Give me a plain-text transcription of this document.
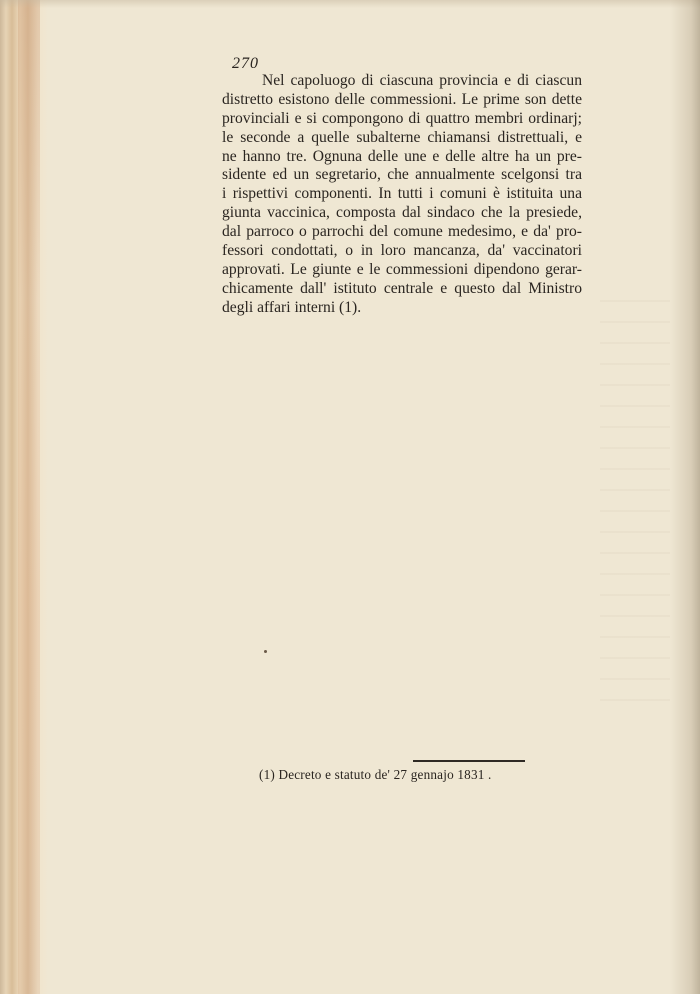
270
Nel capoluogo di ciascuna provincia e di ciascun
distretto esistono delle commessioni. Le prime son dette
provinciali e si compongono di quattro membri ordinarj;
le seconde a quelle subalterne chiamansi distrettuali, e
ne hanno tre. Ognuna delle une e delle altre ha un pre-
sidente ed un segretario, che annualmente scelgonsi tra
i rispettivi componenti. In tutti i comuni è istituita una
giunta vaccinica, composta dal sindaco che la presiede,
dal parroco o parrochi del comune medesimo, e da' pro-
fessori condottati, o in loro mancanza, da' vaccinatori
approvati. Le giunte e le commessioni dipendono gerar-
chicamente dall' istituto centrale e questo dal Ministro
degli affari interni (1).
(1) Decreto e statuto de' 27 gennajo 1831 .
